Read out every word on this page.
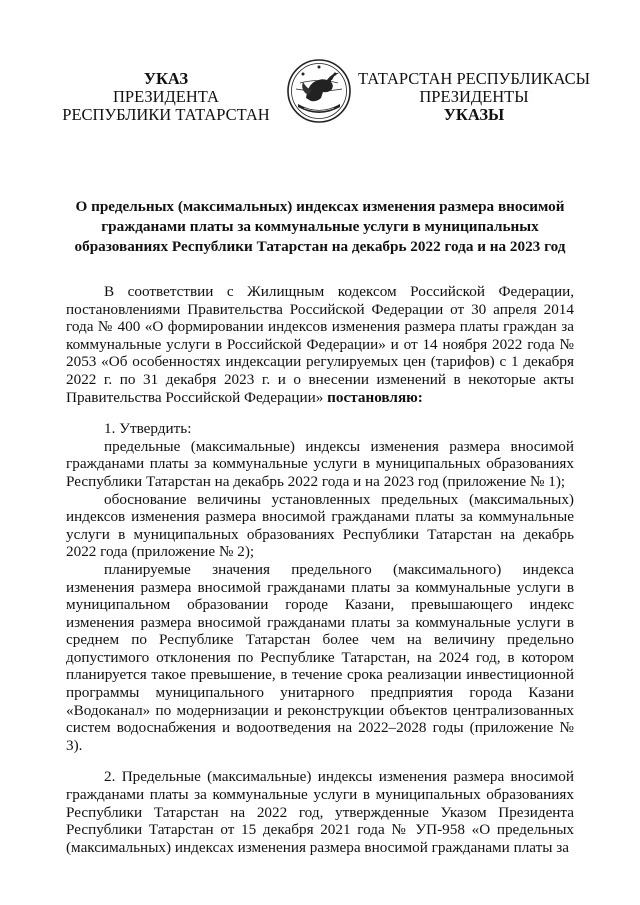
УКАЗ
ПРЕЗИДЕНТА
РЕСПУБЛИКИ ТАТАРСТАН
ТАТАРСТАН РЕСПУБЛИКАСЫ
ПРЕЗИДЕНТЫ
УКАЗЫ
О предельных (максимальных) индексах изменения размера вносимой
гражданами платы за коммунальные услуги в муниципальных
образованиях Республики Татарстан на декабрь 2022 года и на 2023 год

В соответствии с Жилищным кодексом Российской Федерации, постановлениями Правительства Российской Федерации от 30 апреля 2014 года № 400 «О формировании индексов изменения размера платы граждан за коммунальные услуги в Российской Федерации» и от 14 ноября 2022 года № 2053 «Об особенностях индексации регулируемых цен (тарифов) с 1 декабря 2022 г. по 31 декабря 2023 г. и о внесении изменений в некоторые акты Правительства Российской Федерации» постановляю:

1. Утвердить:

предельные (максимальные) индексы изменения размера вносимой гражданами платы за коммунальные услуги в муниципальных образованиях Республики Татарстан на декабрь 2022 года и на 2023 год (приложение № 1);

обоснование величины установленных предельных (максимальных) индексов изменения размера вносимой гражданами платы за коммунальные услуги в муниципальных образованиях Республики Татарстан на декабрь 2022 года (приложение № 2);

планируемые значения предельного (максимального) индекса изменения размера вносимой гражданами платы за коммунальные услуги в муниципальном образовании городе Казани, превышающего индекс изменения размера вносимой гражданами платы за коммунальные услуги в среднем по Республике Татарстан более чем на величину предельно допустимого отклонения по Республике Татарстан, на 2024 год, в котором планируется такое превышение, в течение срока реализации инвестиционной программы муниципального унитарного предприятия города Казани «Водоканал» по модернизации и реконструкции объектов централизованных систем водоснабжения и водоотведения на 2022–2028 годы (приложение № 3).

2. Предельные (максимальные) индексы изменения размера вносимой гражданами платы за коммунальные услуги в муниципальных образованиях Республики Татарстан на 2022 год, утвержденные Указом Президента Республики Татарстан от 15 декабря 2021 года № УП-958 «О предельных (максимальных) индексах изменения размера вносимой гражданами платы за
